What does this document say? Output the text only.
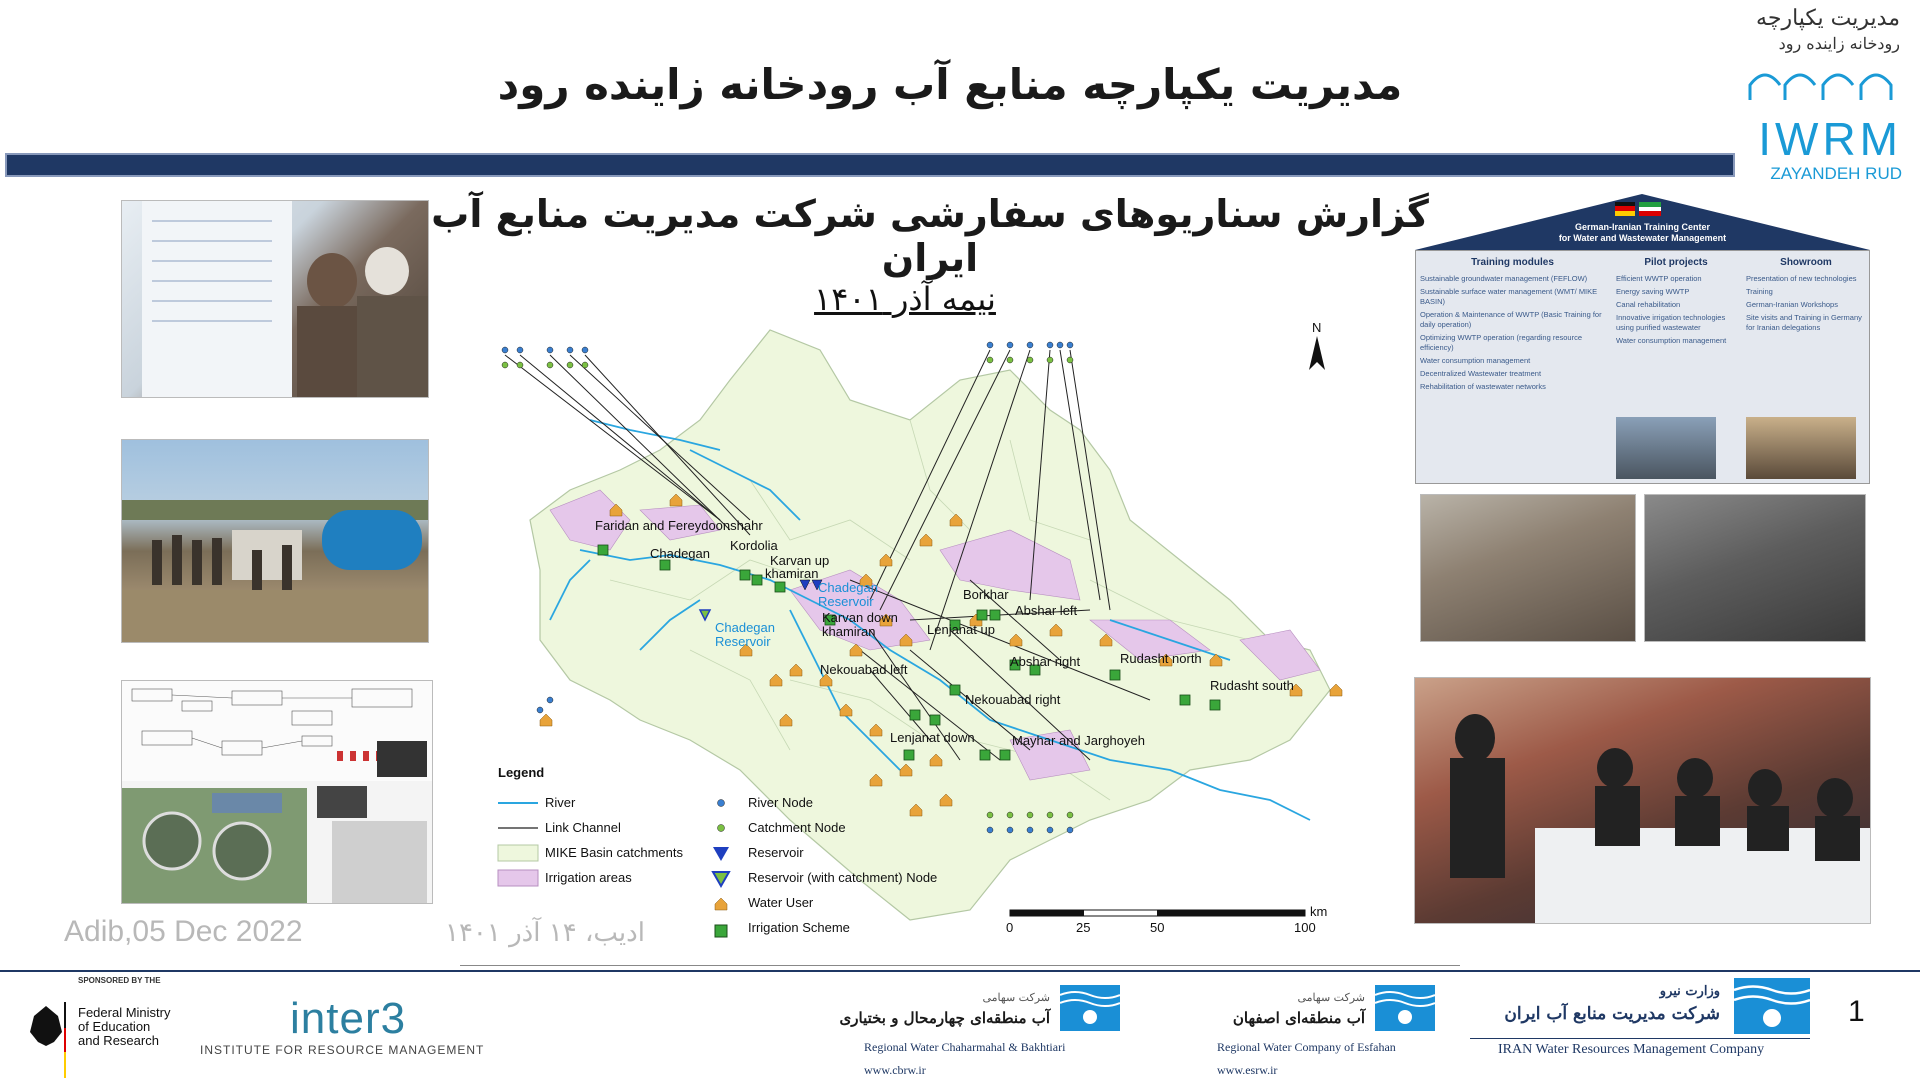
مدیریت یکپارچه منابع آب رودخانه زاینده رود
مدیریت یکپارچه
رودخانه زاینده رود
IWRM
ZAYANDEH RUD
گزارش سناریوهای سفارشی شرکت مدیریت منابع آب ایران
نیمه آذر ۱۴۰۱
Faridan and Fereydoonshahr
Chadegan
Kordolia
Karvan up
khamiran
Chadegan
Reservoir
Chadegan
Reservoir
Karvan down
khamiran
Borkhar
Abshar left
Lenjanat up
Nekouabad left
Abshar right	Rudasht north
Rudasht south
Nekouabad right
Lenjanat down	Mayhar and Jarghoyeh
N
Legend
River
Link Channel
MIKE Basin catchments
Irrigation areas
River Node
Catchment Node
Reservoir
Reservoir (with catchment) Node
Water User
Irrigation Scheme
km
0	25	50	100
German-Iranian Training Center
for Water and Wastewater Management
Training modules
Sustainable groundwater management (FEFLOW)
Sustainable surface water management (WMT/ MIKE BASIN)
Operation & Maintenance of WWTP (Basic Training for daily operation)
Optimizing WWTP operation (regarding resource efficiency)
Water consumption management
Decentralized Wastewater treatment
Rehabilitation of wastewater networks
Pilot projects
Efficient WWTP operation
Energy saving WWTP
Canal rehabilitation
Innovative irrigation technologies using purified wastewater
Water consumption management
Showroom
Presentation of new technologies
Training
German-Iranian Workshops
Site visits and Training in Germany for Iranian delegations
Adib,05 Dec 2022	ادیب، ۱۴ آذر ۱۴۰۱
SPONSORED BY THE
Federal Ministry
of Education
and Research	inter3
INSTITUTE FOR RESOURCE MANAGEMENT
شرکت سهامی
آب منطقه‌ای چهارمحال و بختیاری
Regional Water Chaharmahal & Bakhtiari
www.cbrw.ir
شرکت سهامی
آب منطقه‌ای اصفهان
Regional Water Company of Esfahan
www.esrw.ir
وزارت نیرو
شرکت مدیریت منابع آب ایران
IRAN Water Resources Management Company
1
